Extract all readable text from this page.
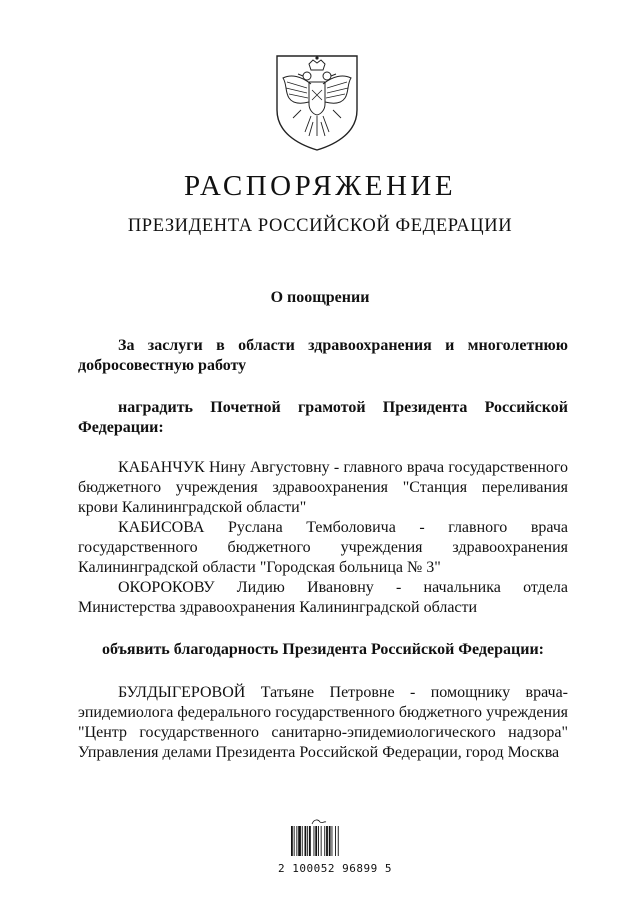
РАСПОРЯЖЕНИЕ
ПРЕЗИДЕНТА РОССИЙСКОЙ ФЕДЕРАЦИИ
О поощрении
За заслуги в области здравоохранения и многолетнюю добросовестную работу
наградить Почетной грамотой Президента Российской Федерации:
КАБАНЧУК Нину Августовну - главного врача государственного бюджетного учреждения здравоохранения "Станция переливания крови Калининградской области"
КАБИСОВА Руслана Темболовича - главного врача государственного бюджетного учреждения здравоохранения Калининградской области "Городская больница № 3"
ОКОРОКОВУ Лидию Ивановну - начальника отдела Министерства здравоохранения Калининградской области
объявить благодарность Президента Российской Федерации:
БУЛДЫГЕРОВОЙ Татьяне Петровне - помощнику врача-эпидемиолога федерального государственного бюджетного учреждения "Центр государственного санитарно-эпидемиологического надзора" Управления делами Президента Российской Федерации, город Москва
2 100052 96899 5
